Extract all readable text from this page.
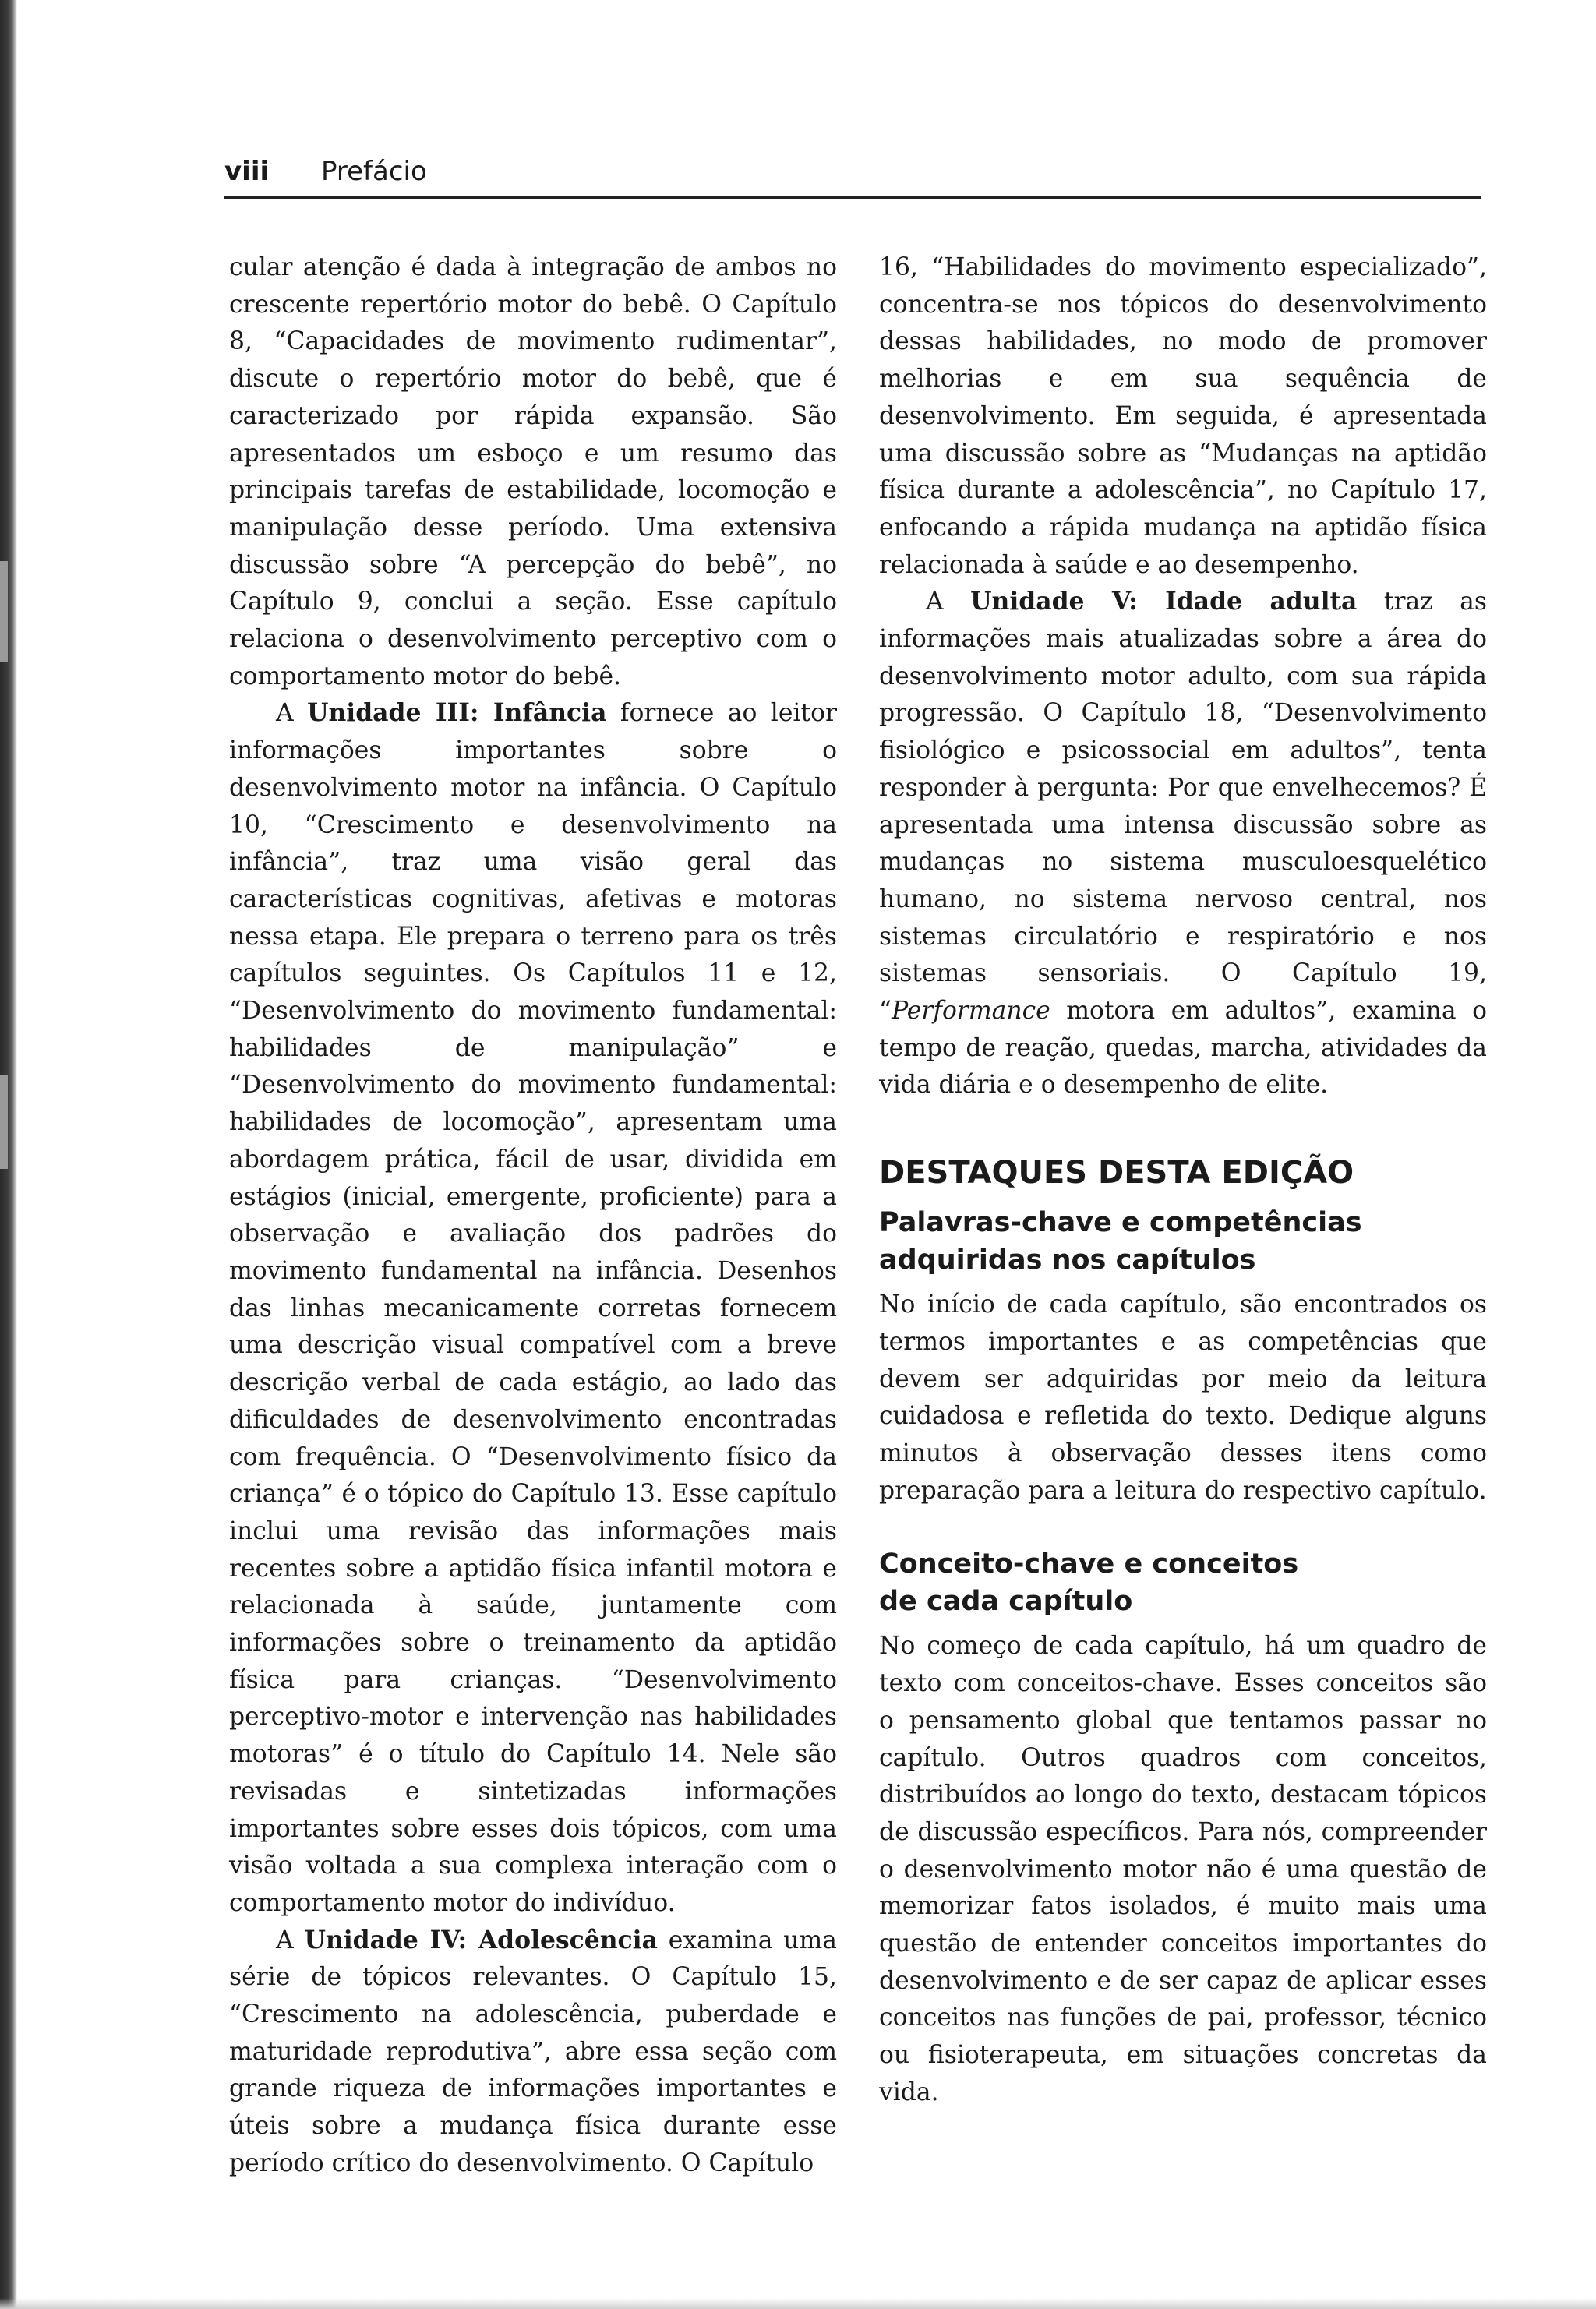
viii Prefácio

cular atenção é dada à integração de ambos no crescente repertório motor do bebê. O Capítulo 8, “Capacidades de movimento rudimentar”, discute o repertório motor do bebê, que é caracterizado por rápida expansão. São apresentados um esboço e um resumo das principais tarefas de estabilidade, locomoção e manipulação desse período. Uma extensiva discussão sobre “A percepção do bebê”, no Capítulo 9, conclui a seção. Esse capítulo relaciona o desenvolvimento perceptivo com o comportamento motor do bebê.

A Unidade III: Infância fornece ao leitor informações importantes sobre o desenvolvimento motor na infância. O Capítulo 10, “Crescimento e desenvolvimento na infância”, traz uma visão geral das características cognitivas, afetivas e motoras nessa etapa. Ele prepara o terreno para os três capítulos seguintes. Os Capítulos 11 e 12, “Desenvolvimento do movimento fundamental: habilidades de manipulação” e “Desenvolvimento do movimento fundamental: habilidades de locomoção”, apresentam uma abordagem prática, fácil de usar, dividida em estágios (inicial, emergente, proficiente) para a observação e avaliação dos padrões do movimento fundamental na infância. Desenhos das linhas mecanicamente corretas fornecem uma descrição visual compatível com a breve descrição verbal de cada estágio, ao lado das dificuldades de desenvolvimento encontradas com frequência. O “Desenvolvimento físico da criança” é o tópico do Capítulo 13. Esse capítulo inclui uma revisão das informações mais recentes sobre a aptidão física infantil motora e relacionada à saúde, juntamente com informações sobre o treinamento da aptidão física para crianças. “Desenvolvimento perceptivo-motor e intervenção nas habilidades motoras” é o título do Capítulo 14. Nele são revisadas e sintetizadas informações importantes sobre esses dois tópicos, com uma visão voltada a sua complexa interação com o comportamento motor do indivíduo.

A Unidade IV: Adolescência examina uma série de tópicos relevantes. O Capítulo 15, “Crescimento na adolescência, puberdade e maturidade reprodutiva”, abre essa seção com grande riqueza de informações importantes e úteis sobre a mudança física durante esse período crítico do desenvolvimento. O Capítulo

16, “Habilidades do movimento especializado”, concentra-se nos tópicos do desenvolvimento dessas habilidades, no modo de promover melhorias e em sua sequência de desenvolvimento. Em seguida, é apresentada uma discussão sobre as “Mudanças na aptidão física durante a adolescência”, no Capítulo 17, enfocando a rápida mudança na aptidão física relacionada à saúde e ao desempenho.

A Unidade V: Idade adulta traz as informações mais atualizadas sobre a área do desenvolvimento motor adulto, com sua rápida progressão. O Capítulo 18, “Desenvolvimento fisiológico e psicossocial em adultos”, tenta responder à pergunta: Por que envelhecemos? É apresentada uma intensa discussão sobre as mudanças no sistema musculoesquelético humano, no sistema nervoso central, nos sistemas circulatório e respiratório e nos sistemas sensoriais. O Capítulo 19, “Performance motora em adultos”, examina o tempo de reação, quedas, marcha, atividades da vida diária e o desempenho de elite.

DESTAQUES DESTA EDIÇÃO
Palavras-chave e competências
adquiridas nos capítulos

No início de cada capítulo, são encontrados os termos importantes e as competências que devem ser adquiridas por meio da leitura cuidadosa e refletida do texto. Dedique alguns minutos à observação desses itens como preparação para a leitura do respectivo capítulo.

Conceito-chave e conceitos
de cada capítulo

No começo de cada capítulo, há um quadro de texto com conceitos-chave. Esses conceitos são o pensamento global que tentamos passar no capítulo. Outros quadros com conceitos, distribuídos ao longo do texto, destacam tópicos de discussão específicos. Para nós, compreender o desenvolvimento motor não é uma questão de memorizar fatos isolados, é muito mais uma questão de entender conceitos importantes do desenvolvimento e de ser capaz de aplicar esses conceitos nas funções de pai, professor, técnico ou fisioterapeuta, em situações concretas da vida.
